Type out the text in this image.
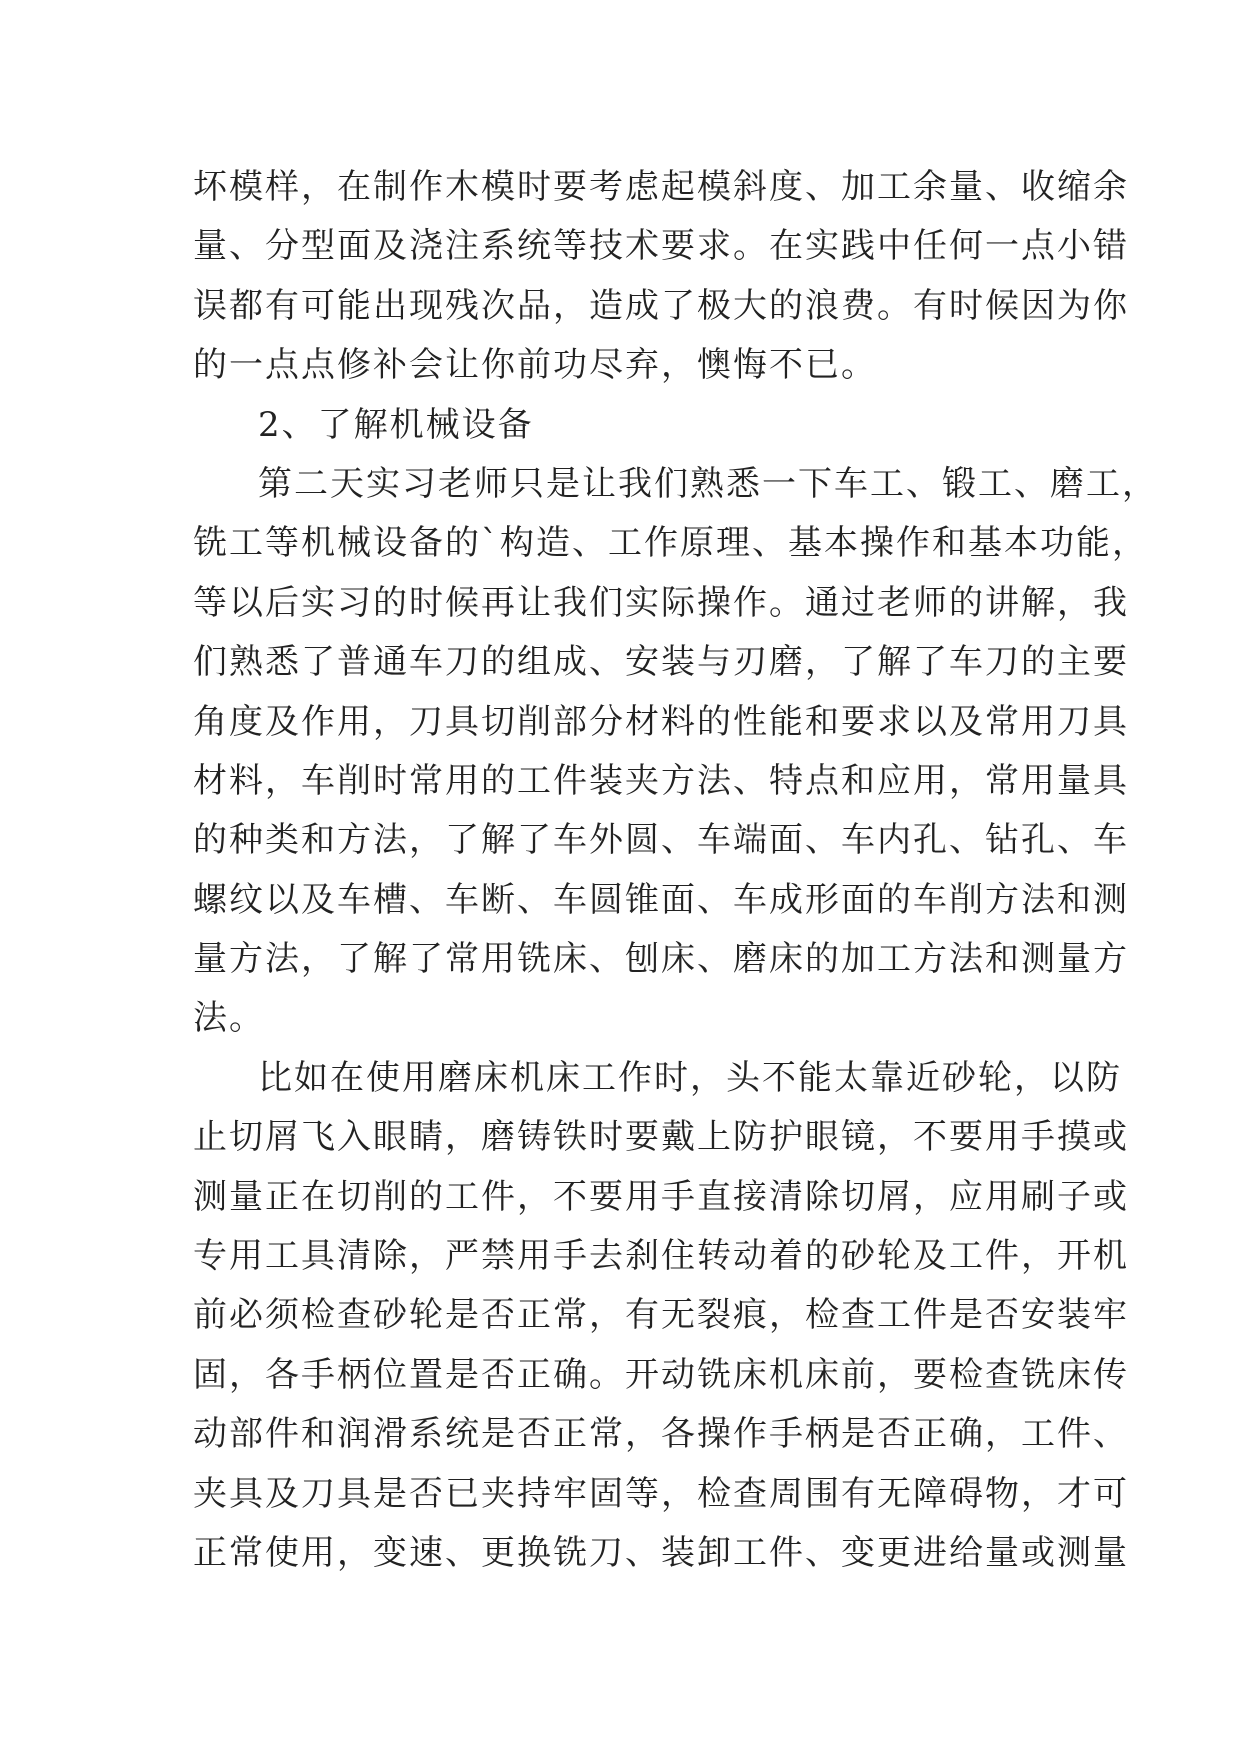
坏模样，在制作木模时要考虑起模斜度、加工余量、收缩余
量、分型面及浇注系统等技术要求。在实践中任何一点小错
误都有可能出现残次品，造成了极大的浪费。有时候因为你
的一点点修补会让你前功尽弃，懊悔不已。
2、了解机械设备
第二天实习老师只是让我们熟悉一下车工、锻工、磨工，
铣工等机械设备的`构造、工作原理、基本操作和基本功能，
等以后实习的时候再让我们实际操作。通过老师的讲解，我
们熟悉了普通车刀的组成、安装与刃磨，了解了车刀的主要
角度及作用，刀具切削部分材料的性能和要求以及常用刀具
材料，车削时常用的工件装夹方法、特点和应用，常用量具
的种类和方法，了解了车外圆、车端面、车内孔、钻孔、车
螺纹以及车槽、车断、车圆锥面、车成形面的车削方法和测
量方法，了解了常用铣床、刨床、磨床的加工方法和测量方
法。
比如在使用磨床机床工作时，头不能太靠近砂轮，以防
止切屑飞入眼睛，磨铸铁时要戴上防护眼镜，不要用手摸或
测量正在切削的工件，不要用手直接清除切屑，应用刷子或
专用工具清除，严禁用手去刹住转动着的砂轮及工件，开机
前必须检查砂轮是否正常，有无裂痕，检查工件是否安装牢
固，各手柄位置是否正确。开动铣床机床前，要检查铣床传
动部件和润滑系统是否正常，各操作手柄是否正确，工件、
夹具及刀具是否已夹持牢固等，检查周围有无障碍物，才可
正常使用，变速、更换铣刀、装卸工件、变更进给量或测量
